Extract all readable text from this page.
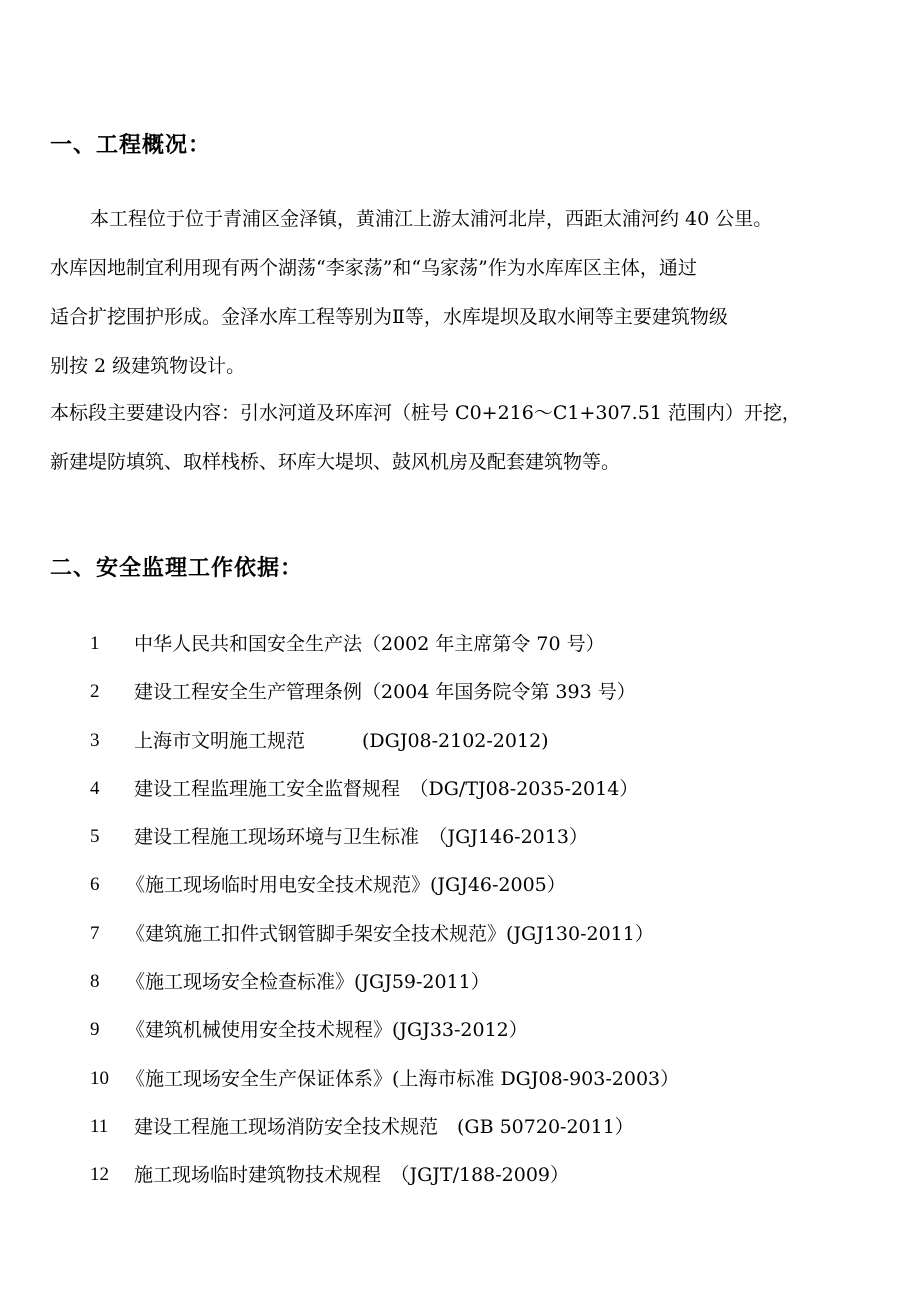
一、工程概况：
本工程位于位于青浦区金泽镇，黄浦江上游太浦河北岸，西距太浦河约 40 公里。
水库因地制宜利用现有两个湖荡“李家荡”和“乌家荡”作为水库库区主体，通过
适合扩挖围护形成。金泽水库工程等别为Ⅱ等，水库堤坝及取水闸等主要建筑物级
别按 2 级建筑物设计。
本标段主要建设内容：引水河道及环库河（桩号 C0+216～C1+307.51 范围内）开挖，
新建堤防填筑、取样栈桥、环库大堤坝、鼓风机房及配套建筑物等。
二、安全监理工作依据：
1	中华人民共和国安全生产法（2002 年主席第令 70 号）
2	建设工程安全生产管理条例（2004 年国务院令第 393 号）
3	上海市文明施工规范　　　(DGJ08-2102-2012)
4	建设工程监理施工安全监督规程　（DG/TJ08-2035-2014）
5	建设工程施工现场环境与卫生标准　（JGJ146-2013）
6	《施工现场临时用电安全技术规范》(JGJ46-2005）
7	《建筑施工扣件式钢管脚手架安全技术规范》(JGJ130-2011）
8	《施工现场安全检查标准》(JGJ59-2011）
9	《建筑机械使用安全技术规程》(JGJ33-2012）
10 《施工现场安全生产保证体系》(上海市标准 DGJ08-903-2003）
11	建设工程施工现场消防安全技术规范　(GB 50720-2011）
12	施工现场临时建筑物技术规程　（JGJT/188-2009）
